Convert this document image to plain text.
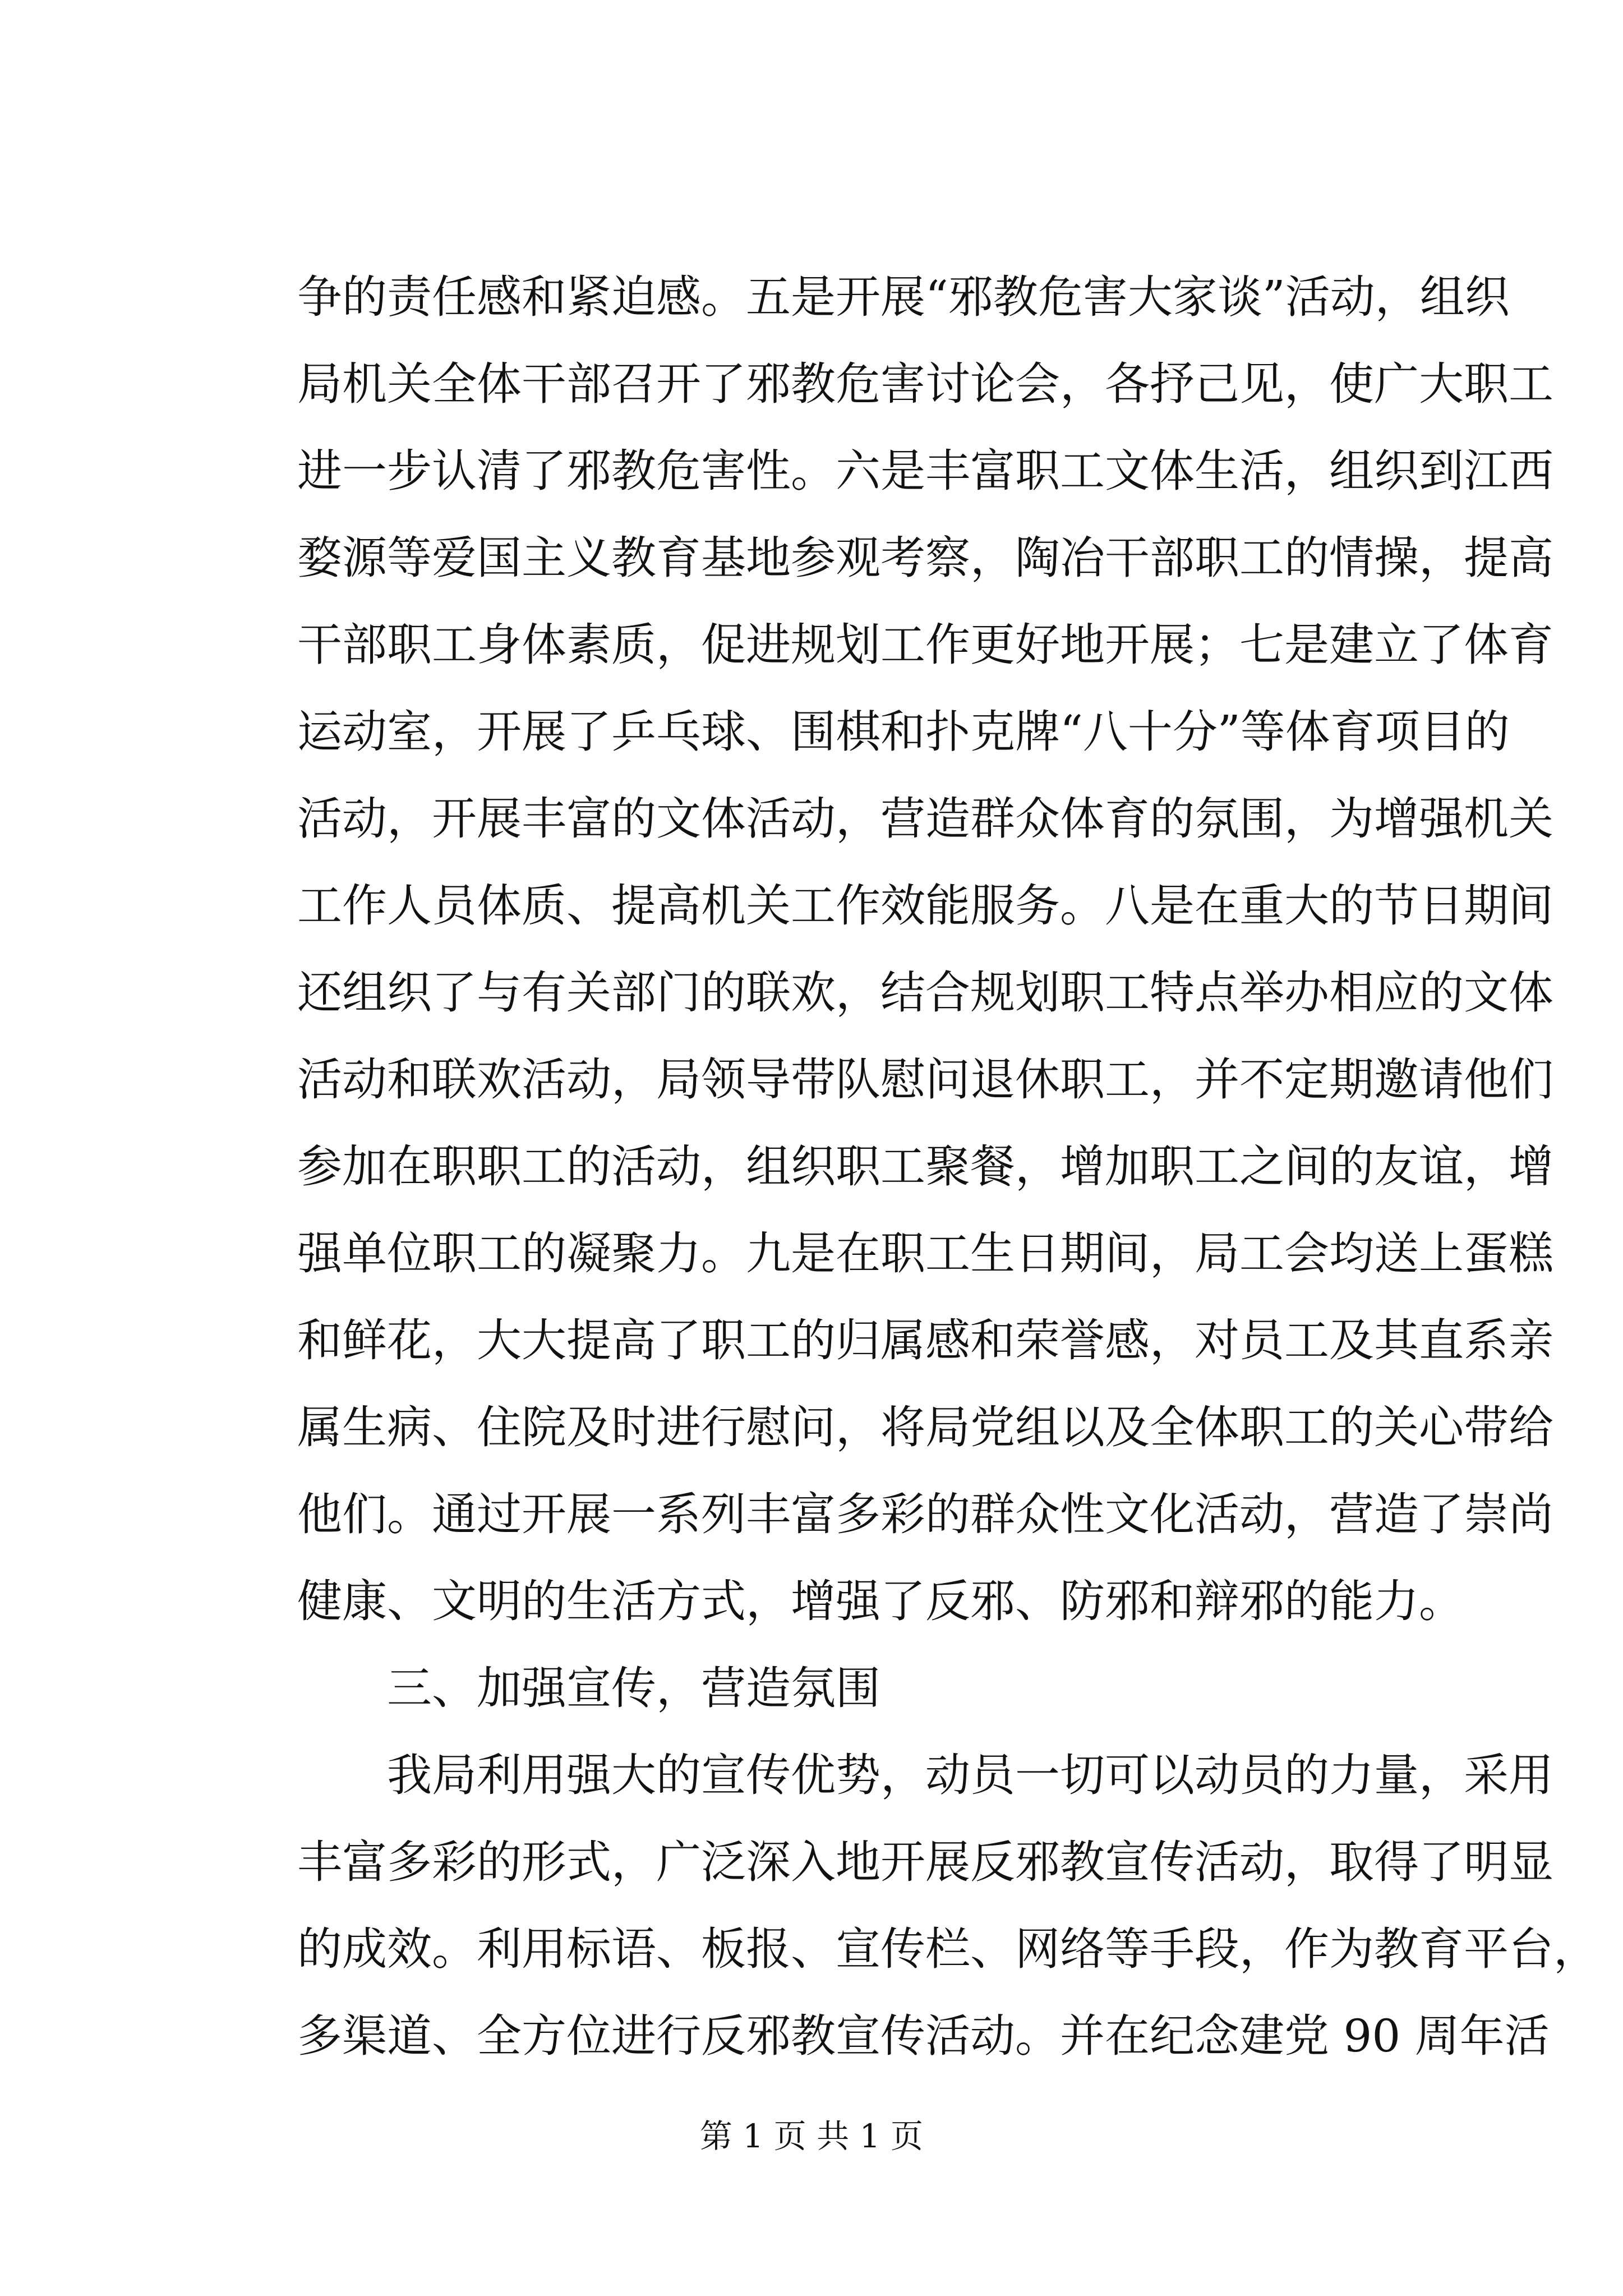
争的责任感和紧迫感。五是开展“邪教危害大家谈”活动，组织
局机关全体干部召开了邪教危害讨论会，各抒己见，使广大职工
进一步认清了邪教危害性。六是丰富职工文体生活，组织到江西
婺源等爱国主义教育基地参观考察，陶冶干部职工的情操，提高
干部职工身体素质，促进规划工作更好地开展；七是建立了体育
运动室，开展了乒乓球、围棋和扑克牌“八十分”等体育项目的
活动，开展丰富的文体活动，营造群众体育的氛围，为增强机关
工作人员体质、提高机关工作效能服务。八是在重大的节日期间
还组织了与有关部门的联欢，结合规划职工特点举办相应的文体
活动和联欢活动，局领导带队慰问退休职工，并不定期邀请他们
参加在职职工的活动，组织职工聚餐，增加职工之间的友谊，增
强单位职工的凝聚力。九是在职工生日期间，局工会均送上蛋糕
和鲜花，大大提高了职工的归属感和荣誉感，对员工及其直系亲
属生病、住院及时进行慰问，将局党组以及全体职工的关心带给
他们。通过开展一系列丰富多彩的群众性文化活动，营造了崇尚
健康、文明的生活方式，增强了反邪、防邪和辩邪的能力。
三、加强宣传，营造氛围
我局利用强大的宣传优势，动员一切可以动员的力量，采用
丰富多彩的形式，广泛深入地开展反邪教宣传活动，取得了明显
的成效。利用标语、板报、宣传栏、网络等手段，作为教育平台，
多渠道、全方位进行反邪教宣传活动。并在纪念建党 90 周年活
第 1 页 共 1 页
